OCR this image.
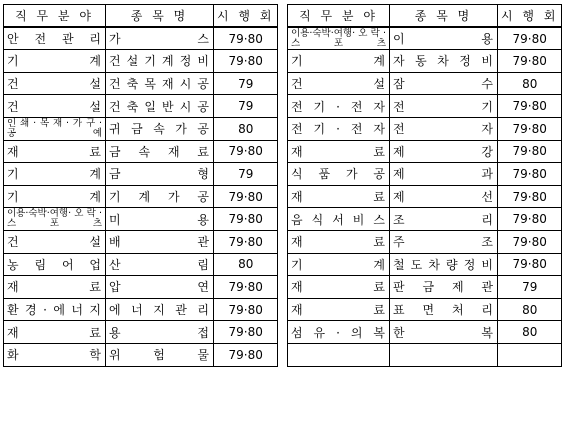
직 무 분 야	종 목 명	시 행 회
안 전 관 리	가 스	79·80
기 계	건 설 기 계 정 비	79·80
건 설	건 축 목 재 시 공	79
건 설	건 축 일 반 시 공	79
인 쇄 · 목 재 · 가 구 · 공 예	귀 금 속 가 공	80
재 료	금 속 재 료	79·80
기 계	금 형	79
기 계	기 계 가 공	79·80
이용·숙박·여행· 오 락 · 스 포 츠	미 용	79·80
건 설	배 관	79·80
농 림 어 업	산 림	80
재 료	압 연	79·80
환 경 · 에 너 지	에 너 지 관 리	79·80
재 료	용 접	79·80
화 학	위 험 물	79·80
직 무 분 야	종 목 명	시 행 회
이용·숙박·여행· 오 락 · 스 포 츠	이 용	79·80
기 계	자 동 차 정 비	79·80
건 설	잠 수	80
전 기 · 전 자	전 기	79·80
전 기 · 전 자	전 자	79·80
재 료	제 강	79·80
식 품 가 공	제 과	79·80
재 료	제 선	79·80
음 식 서 비 스	조 리	79·80
재 료	주 조	79·80
기 계	철 도 차 량 정 비	79·80
재 료	판 금 제 관	79
재 료	표 면 처 리	80
섬 유 · 의 복	한 복	80
